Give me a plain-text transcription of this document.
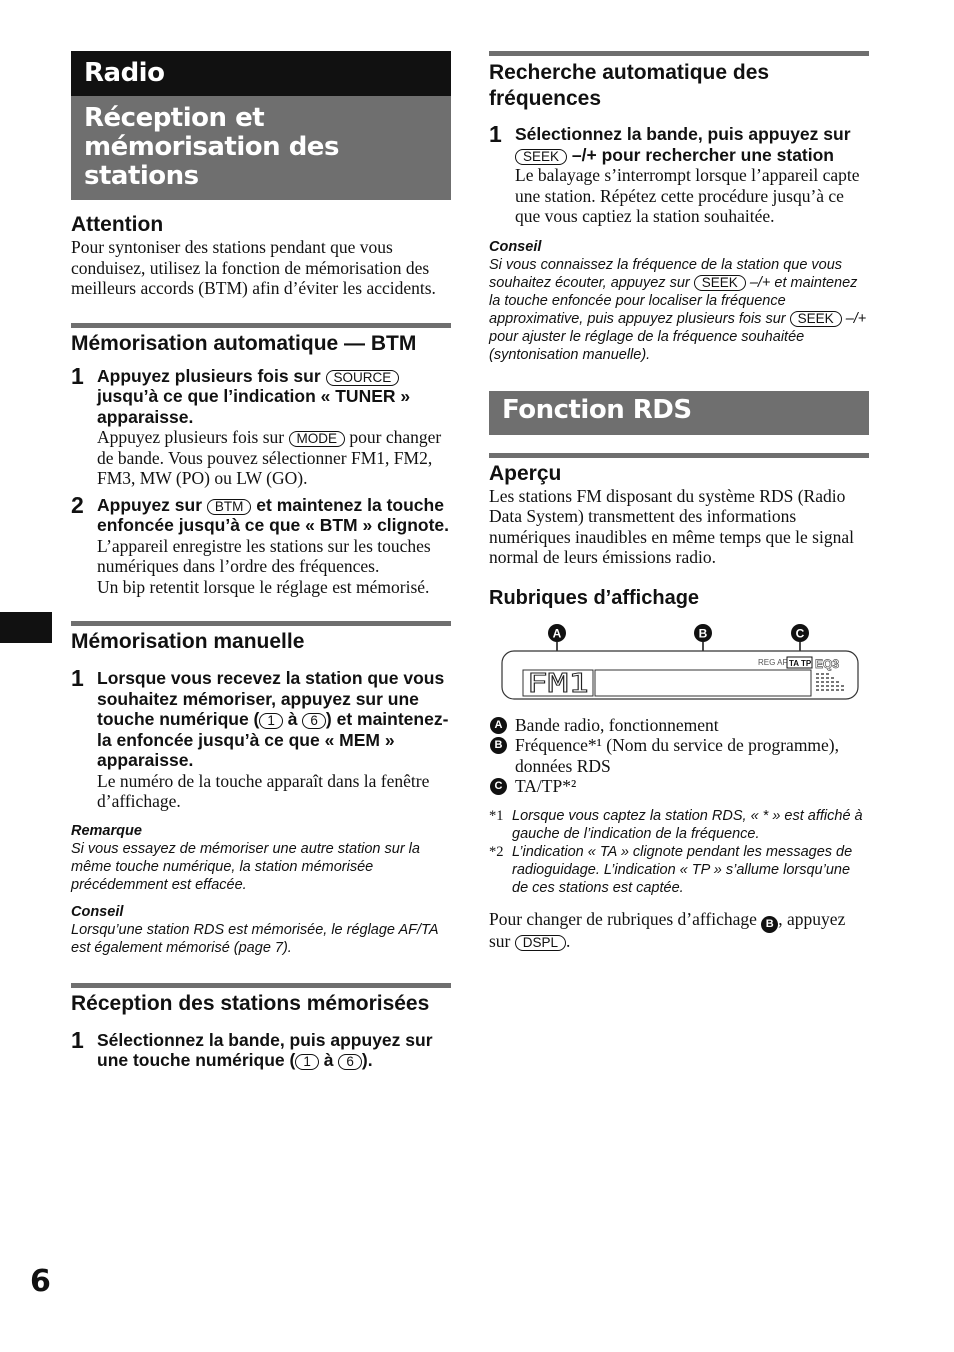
Radio
Réception et mémorisation des stations
Attention

Pour syntoniser des stations pendant que vous conduisez, utilisez la fonction de mémorisation des meilleurs accords (BTM) afin d’éviter les accidents.

Mémorisation automatique — BTM
1 Appuyez plusieurs fois sur SOURCE jusqu’à ce que l’indication « TUNER » apparaisse.
Appuyez plusieurs fois sur MODE pour changer de bande. Vous pouvez sélectionner FM1, FM2, FM3, MW (PO) ou LW (GO).
2 Appuyez sur BTM et maintenez la touche enfoncée jusqu’à ce que « BTM » clignote.
L’appareil enregistre les stations sur les touches numériques dans l’ordre des fréquences.
Un bip retentit lorsque le réglage est mémorisé.
Mémorisation manuelle
1 Lorsque vous recevez la station que vous souhaitez mémoriser, appuyez sur une touche numérique ( 1 à 6 ) et maintenez-la enfoncée jusqu’à ce que « MEM » apparaisse.
Le numéro de la touche apparaît dans la fenêtre d’affichage.
Remarque
Si vous essayez de mémoriser une autre station sur la même touche numérique, la station mémorisée précédemment est effacée.
Conseil
Lorsqu’une station RDS est mémorisée, le réglage AF/TA est également mémorisé (page 7).
Réception des stations mémorisées
1 Sélectionnez la bande, puis appuyez sur une touche numérique ( 1 à 6 ).
Recherche automatique des fréquences
1 Sélectionnez la bande, puis appuyez sur SEEK –/+ pour rechercher une station
Le balayage s’interrompt lorsque l’appareil capte une station. Répétez cette procédure jusqu’à ce que vous captiez la station souhaitée.
Conseil
Si vous connaissez la fréquence de la station que vous souhaitez écouter, appuyez sur SEEK –/+ et maintenez la touche enfoncée pour localiser la fréquence approximative, puis appuyez plusieurs fois sur SEEK –/+ pour ajuster le réglage de la fréquence souhaitée (syntonisation manuelle).
Fonction RDS
Aperçu

Les stations FM disposant du système RDS (Radio Data System) transmettent des informations numériques inaudibles en même temps que le signal normal de leurs émissions radio.

Rubriques d’affichage
A	B	C
FM1
REG AF TA TP EQ3
A Bande radio, fonctionnement
B Fréquence*¹ (Nom du service de programme), données RDS
C TA/TP*²
*1 Lorsque vous captez la station RDS, « * » est affiché à gauche de l’indication de la fréquence.
*2 L’indication « TA » clignote pendant les messages de radioguidage. L’indication « TP » s’allume lorsqu’une de ces stations est captée.

Pour changer de rubriques d’affichage B , appuyez sur DSPL .

6
